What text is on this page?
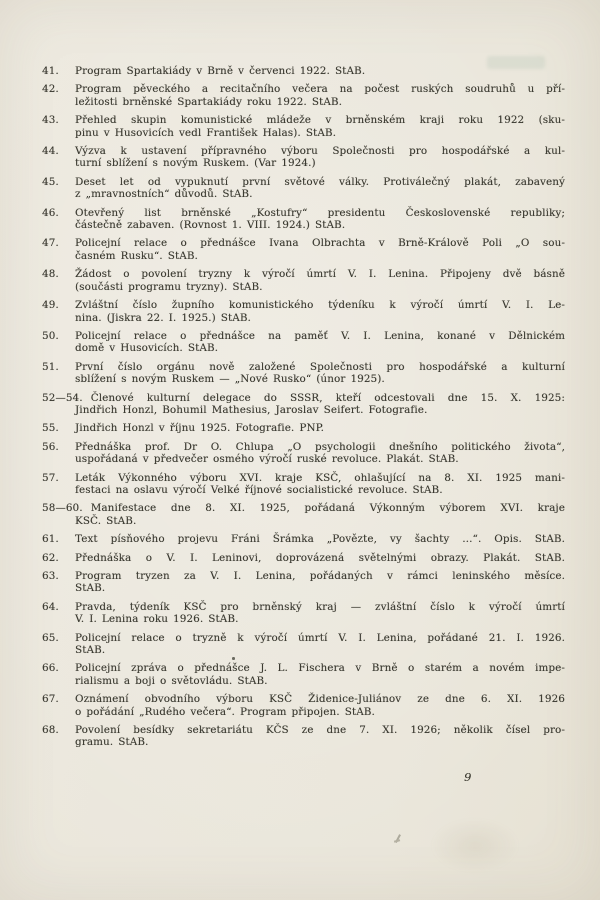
41.	Program Spartakiády v Brně v červenci 1922. StAB.
42.	Program pěveckého a recitačního večera na počest ruských soudruhů u pří-
ležitosti brněnské Spartakiády roku 1922. StAB.
43.	Přehled skupin komunistické mládeže v brněnském kraji roku 1922 (sku-
pinu v Husovicích vedl František Halas). StAB.
44.	Výzva k ustavení přípravného výboru Společnosti pro hospodářské a kul-
turní sblížení s novým Ruskem. (Var 1924.)
45.	Deset let od vypuknutí první světové války. Protiválečný plakát, zabavený
z „mravnostních“ důvodů. StAB.
46.	Otevřený list brněnské „Kostufry“ presidentu Československé republiky;
částečně zabaven. (Rovnost 1. VIII. 1924.) StAB.
47.	Policejní relace o přednášce Ivana Olbrachta v Brně-Králově Poli „O sou-
časném Rusku“. StAB.
48.	Žádost o povolení tryzny k výročí úmrtí V. I. Lenina. Připojeny dvě básně
(součásti programu tryzny). StAB.
49.	Zvláštní číslo župního komunistického týdeníku k výročí úmrtí V. I. Le-
nina. (Jiskra 22. I. 1925.) StAB.
50.	Policejní relace o přednášce na paměť V. I. Lenina, konané v Dělnickém
domě v Husovicích. StAB.
51.	První číslo orgánu nově založené Společnosti pro hospodářské a kulturní
sblížení s novým Ruskem — „Nové Rusko“ (únor 1925).
52—54. Členové kulturní delegace do SSSR, kteří odcestovali dne 15. X. 1925:
Jindřich Honzl, Bohumil Mathesius, Jaroslav Seifert. Fotografie.
55.	Jindřich Honzl v říjnu 1925. Fotografie. PNP.
56.	Přednáška prof. Dr O. Chlupa „O psychologii dnešního politického života“,
uspořádaná v předvečer osmého výročí ruské revoluce. Plakát. StAB.
57.	Leták Výkonného výboru XVI. kraje KSČ, ohlašující na 8. XI. 1925 mani-
festaci na oslavu výročí Velké říjnové socialistické revoluce. StAB.
58—60. Manifestace dne 8. XI. 1925, pořádaná Výkonným výborem XVI. kraje
KSČ. StAB.
61.	Text písňového projevu Fráni Šrámka „Povězte, vy šachty ...“. Opis. StAB.
62.	Přednáška o V. I. Leninovi, doprovázená světelnými obrazy. Plakát. StAB.
63.	Program tryzen za V. I. Lenina, pořádaných v rámci leninského měsíce.
StAB.
64.	Pravda, týdeník KSČ pro brněnský kraj — zvláštní číslo k výročí úmrtí
V. I. Lenina roku 1926. StAB.
65.	Policejní relace o tryzně k výročí úmrtí V. I. Lenina, pořádané 21. I. 1926.
StAB.
66.	Policejní zpráva o přednášce J. L. Fischera v Brně o starém a novém impe-
rialismu a boji o světovládu. StAB.
67.	Oznámení obvodního výboru KSČ Židenice-Juliánov ze dne 6. XI. 1926
o pořádání „Rudého večera“. Program připojen. StAB.
68.	Povolení besídky sekretariátu KČS ze dne 7. XI. 1926; několik čísel pro-
gramu. StAB.
9
